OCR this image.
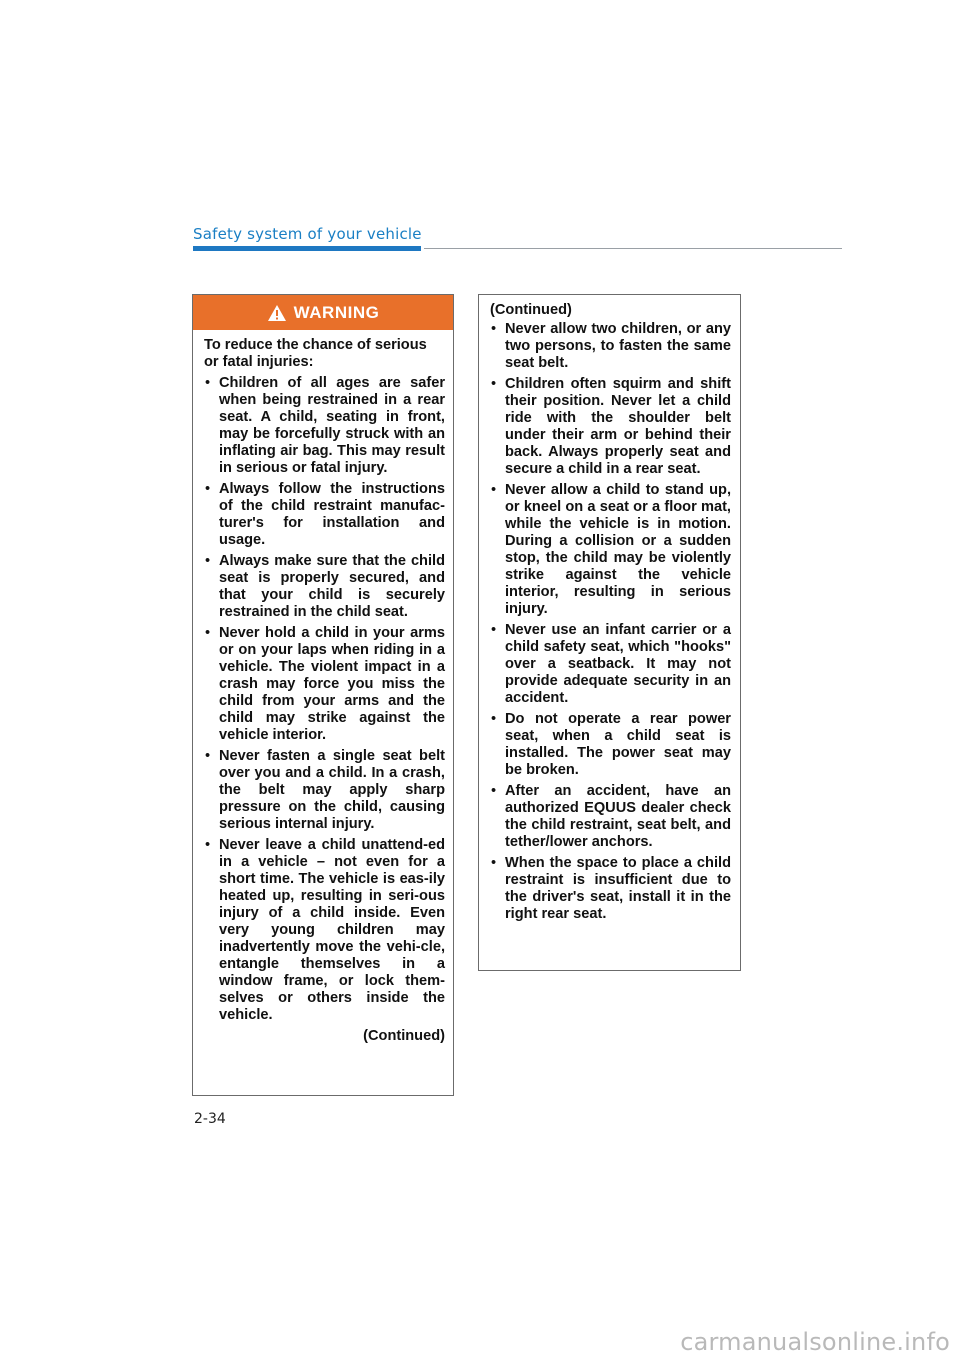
Safety system of your vehicle
WARNING

To reduce the chance of serious or fatal injuries:

• Children of all ages are safer when being restrained in a rear seat. A child, seating in front, may be forcefully struck with an inflating air bag. This may result in serious or fatal injury.
• Always follow the instructions of the child restraint manufac-turer's for installation and usage.
• Always make sure that the child seat is properly secured, and that your child is securely restrained in the child seat.
• Never hold a child in your arms or on your laps when riding in a vehicle. The violent impact in a crash may force you miss the child from your arms and the child may strike against the vehicle interior.
• Never fasten a single seat belt over you and a child. In a crash, the belt may apply sharp pressure on the child, causing serious internal injury.
• Never leave a child unattend-ed in a vehicle – not even for a short time. The vehicle is eas-ily heated up, resulting in seri-ous injury of a child inside. Even very young children may inadvertently move the vehi-cle, entangle themselves in a window frame, or lock them-selves or others inside the vehicle.
(Continued)
(Continued)
• Never allow two children, or any two persons, to fasten the same seat belt.
• Children often squirm and shift their position. Never let a child ride with the shoulder belt under their arm or behind their back. Always properly seat and secure a child in a rear seat.
• Never allow a child to stand up, or kneel on a seat or a floor mat, while the vehicle is in motion. During a collision or a sudden stop, the child may be violently strike against the vehicle interior, resulting in serious injury.
• Never use an infant carrier or a child safety seat, which "hooks" over a seatback. It may not provide adequate security in an accident.
• Do not operate a rear power seat, when a child seat is installed. The power seat may be broken.
• After an accident, have an authorized EQUUS dealer check the child restraint, seat belt, and tether/lower anchors.
• When the space to place a child restraint is insufficient due to the driver's seat, install it in the right rear seat.
2-34
carmanualsonline.info
